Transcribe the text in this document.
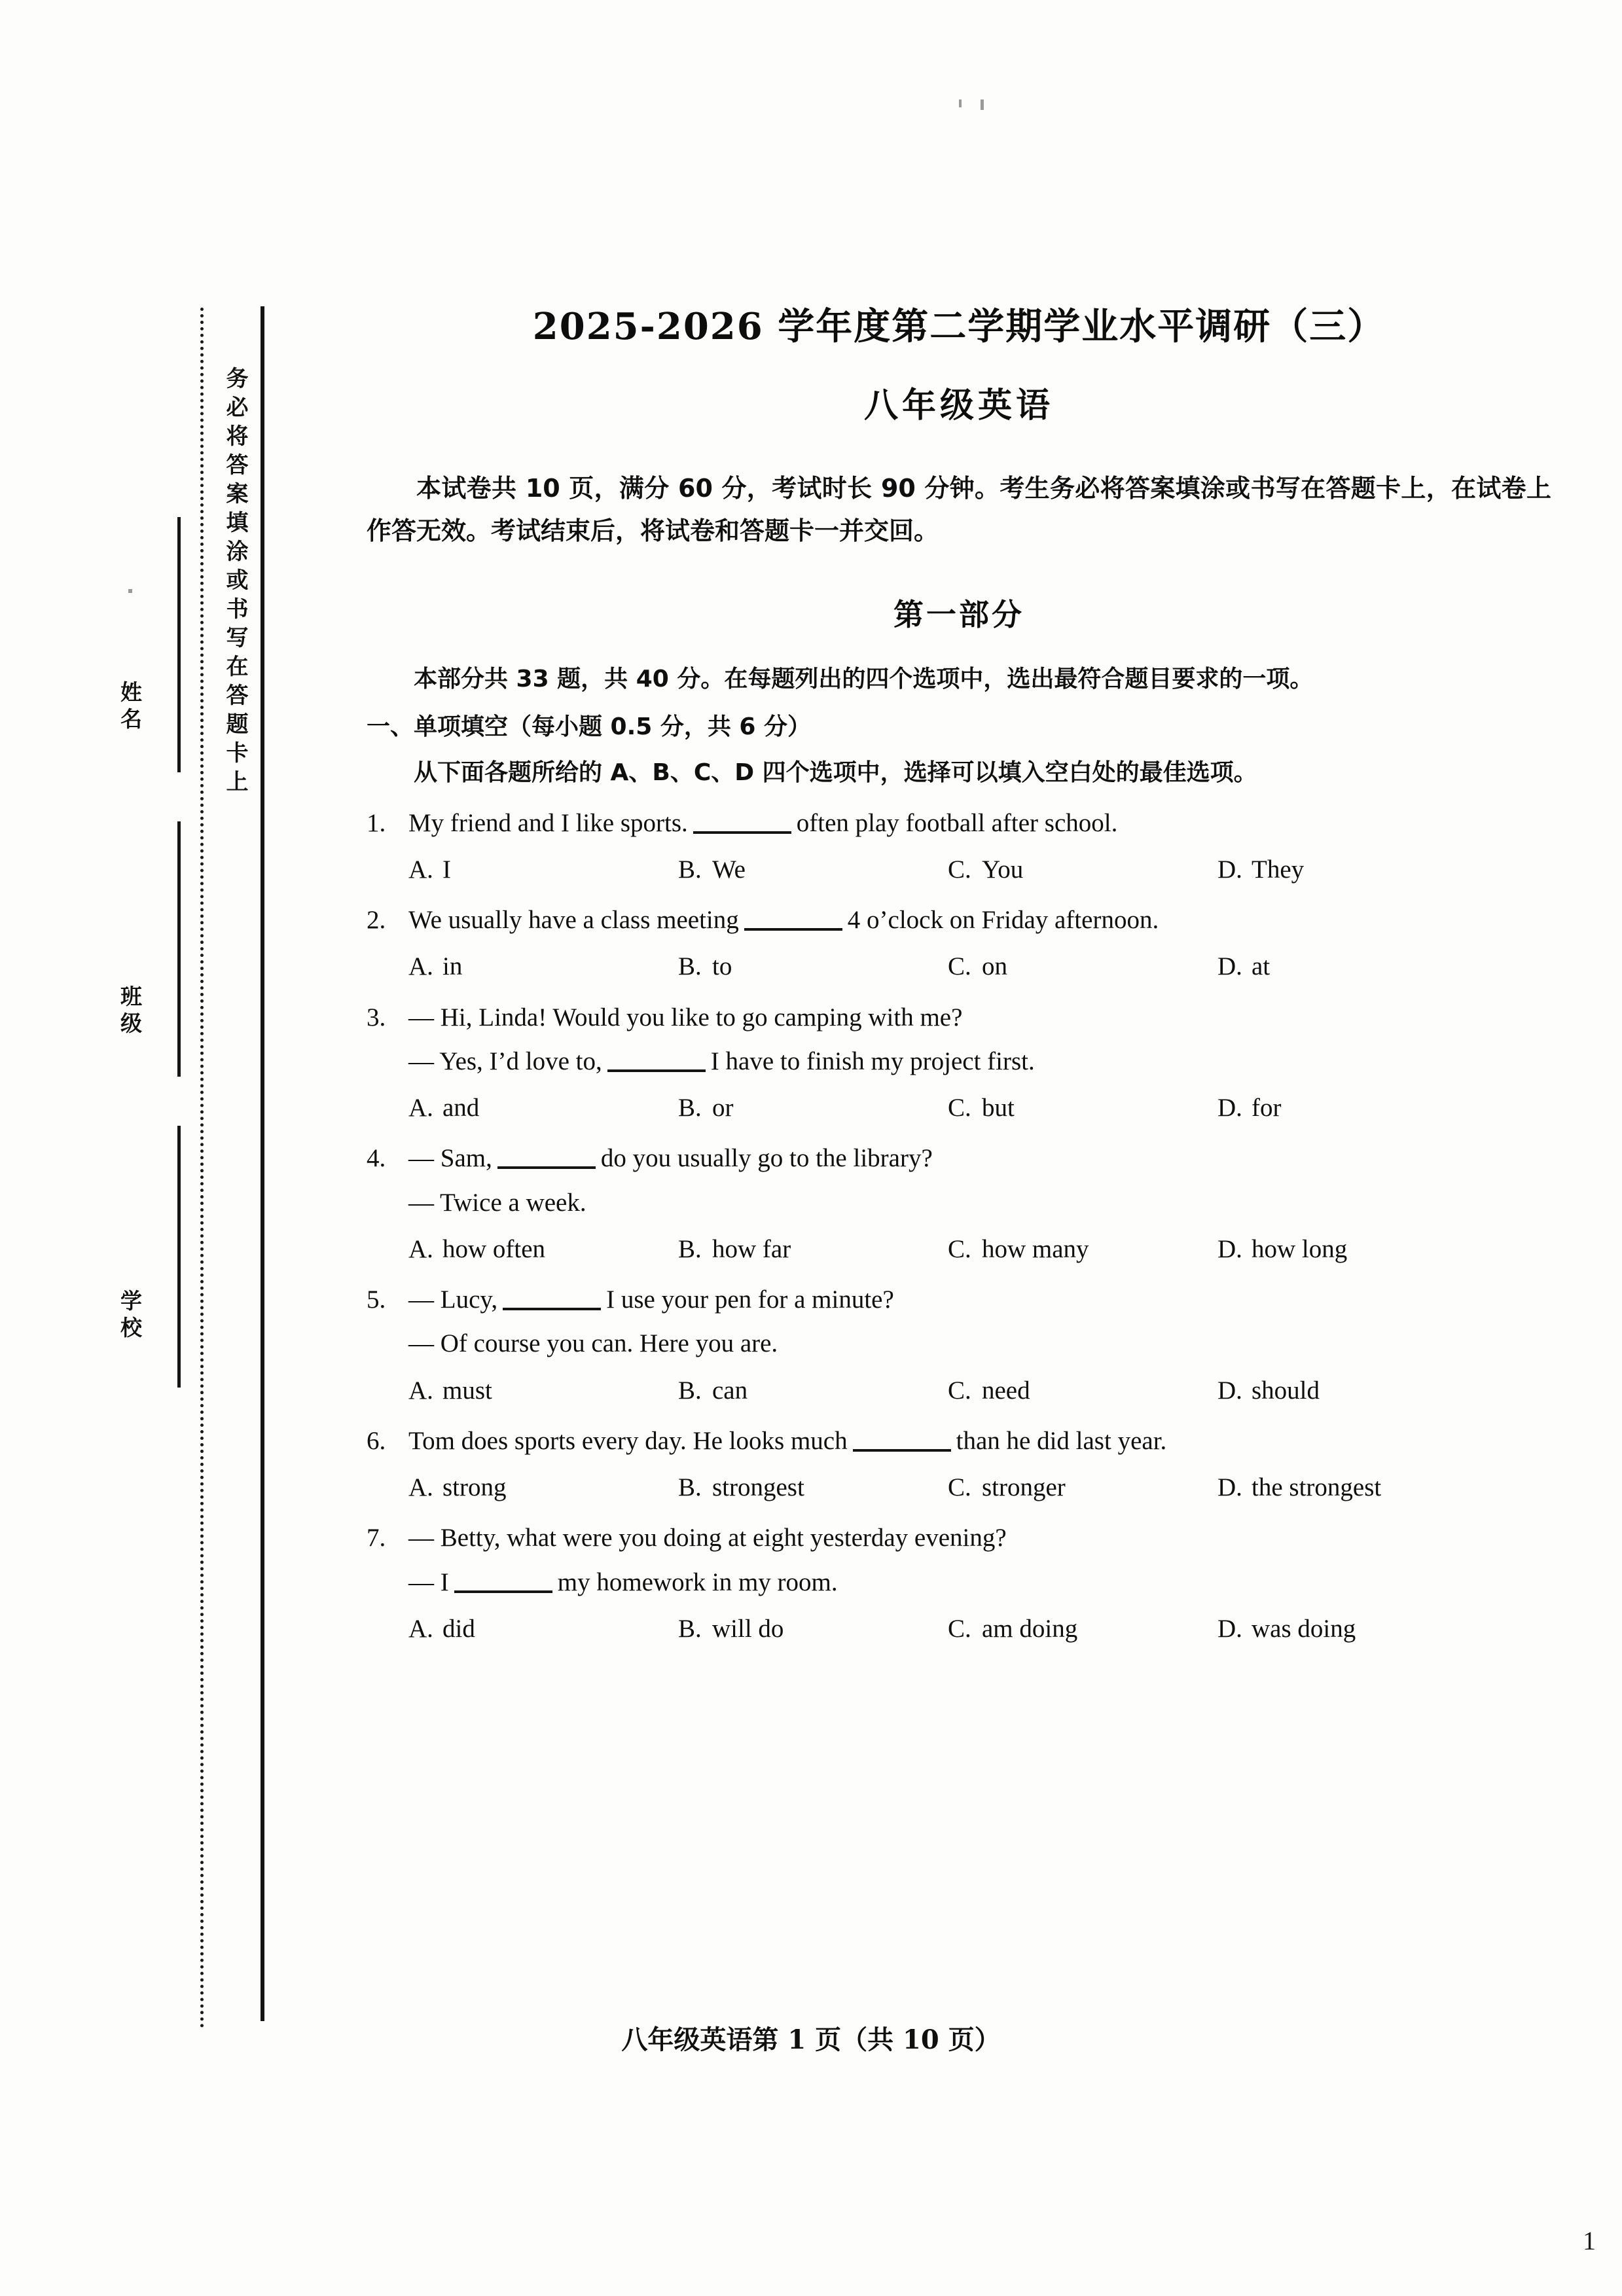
务必将答案填涂或书写在答题卡上
姓名
班级
学校
2025-2026 学年度第二学期学业水平调研（三）
八年级英语
本试卷共 10 页，满分 60 分，考试时长 90 分钟。考生务必将答案填涂或书写在答题卡上，在试卷上作答无效。考试结束后，将试卷和答题卡一并交回。
第一部分
本部分共 33 题，共 40 分。在每题列出的四个选项中，选出最符合题目要求的一项。
一、单项填空（每小题 0.5 分，共 6 分）
从下面各题所给的 A、B、C、D 四个选项中，选择可以填入空白处的最佳选项。
1. My friend and I like sports.	often play football after school.
A. I	B. We	C. You	D. They
2. We usually have a class meeting	4 o’clock on Friday afternoon.
A. in	B. to	C. on	D. at
3. — Hi, Linda! Would you like to go camping with me?
— Yes, I’d love to,	I have to finish my project first.
A. and	B. or	C. but	D. for
4. — Sam,	do you usually go to the library?
— Twice a week.
A. how often	B. how far	C. how many	D. how long
5. — Lucy,	I use your pen for a minute?
— Of course you can. Here you are.
A. must	B. can	C. need	D. should
6. Tom does sports every day. He looks much	than he did last year.
A. strong	B. strongest	C. stronger	D. the strongest
7. — Betty, what were you doing at eight yesterday evening?
— I	my homework in my room.
A. did	B. will do	C. am doing	D. was doing
八年级英语第 1 页（共 10 页）
1
